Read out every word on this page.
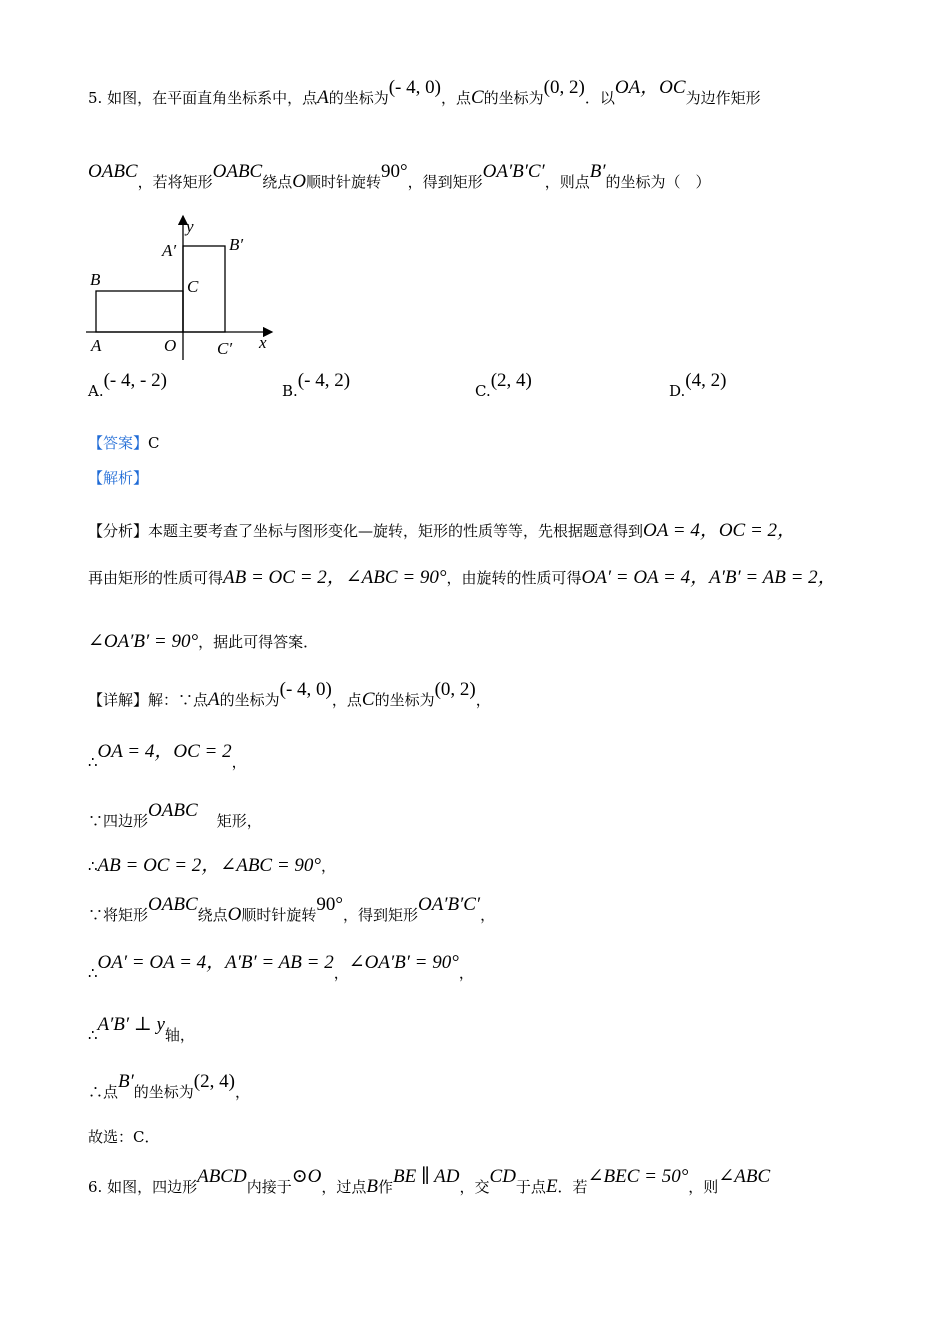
5. 如图，在平面直角坐标系中，点A的坐标为(- 4, 0)，点C的坐标为(0, 2)．以OA，OC为边作矩形
OABC，若将矩形OABC绕点O顺时针旋转90°，得到矩形OA′B′C′，则点B′的坐标为（　）
y
x
A	O
B	C
A′	B′
C′
A.(- 4, - 2)	B.(- 4, 2)	C.(2, 4)	D.(4, 2)
【答案】C
【解析】
【分析】本题主要考查了坐标与图形变化—旋转，矩形的性质等等，先根据题意得到OA = 4，OC = 2，
再由矩形的性质可得AB = OC = 2，∠ABC = 90°，由旋转的性质可得OA′ = OA = 4，A′B′ = AB = 2，
∠OA′B′ = 90°，据此可得答案．
【详解】解：∵点A的坐标为(- 4, 0)，点C的坐标为(0, 2)，
∴OA = 4，OC = 2，
∵四边形OABC 矩形，
∴AB = OC = 2，∠ABC = 90°，
∵将矩形OABC绕点O顺时针旋转90°，得到矩形OA′B′C′，
∴OA′ = OA = 4，A′B′ = AB = 2，∠OA′B′ = 90°，
∴A′B′ ⊥ y轴，
∴点B′的坐标为(2, 4)，
故选：C．
6. 如图，四边形ABCD内接于⊙O，过点B作BE ∥ AD，交CD于点E．若∠BEC = 50°，则∠ABC
